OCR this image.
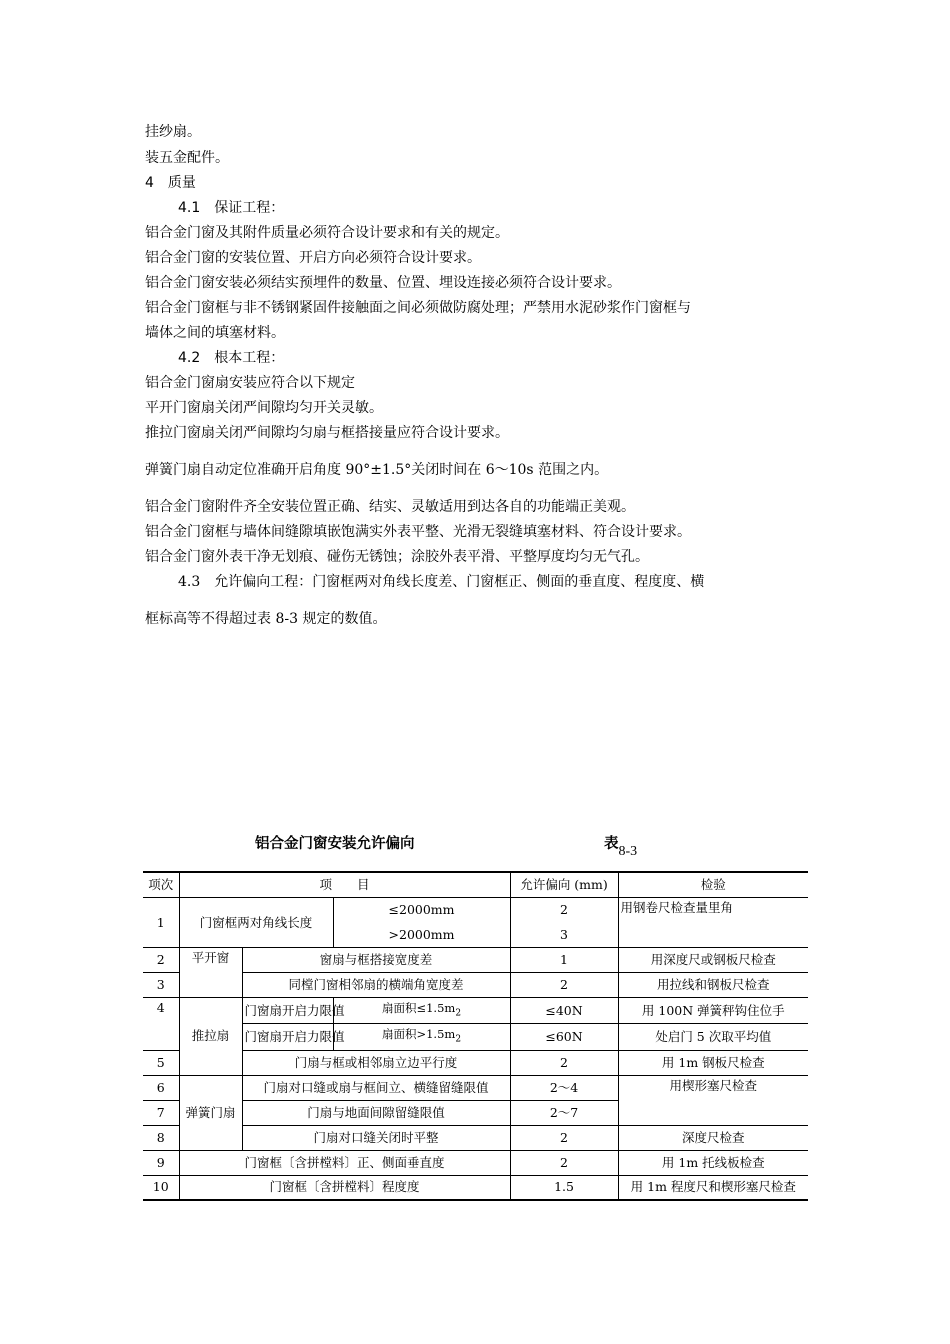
挂纱扇。
装五金配件。
4　质量
4.1　保证工程：
铝合金门窗及其附件质量必须符合设计要求和有关的规定。
铝合金门窗的安装位置、开启方向必须符合设计要求。
铝合金门窗安装必须结实预埋件的数量、位置、埋设连接必须符合设计要求。
铝合金门窗框与非不锈钢紧固件接触面之间必须做防腐处理；严禁用水泥砂浆作门窗框与
墙体之间的填塞材料。
4.2　根本工程：
铝合金门窗扇安装应符合以下规定
平开门窗扇关闭严间隙均匀开关灵敏。
推拉门窗扇关闭严间隙均匀扇与框搭接量应符合设计要求。
弹簧门扇自动定位准确开启角度 90°±1.5°关闭时间在 6～10s 范围之内。
铝合金门窗附件齐全安装位置正确、结实、灵敏适用到达各自的功能端正美观。
铝合金门窗框与墙体间缝隙填嵌饱满实外表平整、光滑无裂缝填塞材料、符合设计要求。
铝合金门窗外表干净无划痕、碰伤无锈蚀；涂胶外表平滑、平整厚度均匀无气孔。
4.3　允许偏向工程：门窗框两对角线长度差、门窗框正、侧面的垂直度、程度度、横
框标高等不得超过表 8-3 规定的数值。
铝合金门窗安装允许偏向	表8-3
项次	项　　目			允许偏向 (mm)	检验
1	门窗框两对角线长度		≤2000mm	2	用钢卷尺检查量里角
			>2000mm	3	
2	平开窗	窗扇与框搭接宽度差		1	用深度尺或钢板尺检查
3		同樘门窗相邻扇的横端角宽度差		2	用拉线和钢板尺检查
4	推拉扇	门窗扇开启力限值	扇面积$\le 1.5m_2$	≤40N	用 100N 弹簧秤钩住位手
		门窗扇开启力限值	扇面积$>1.5m_2$	≤60N	处启门 5 次取平均值
5		门扇与框或相邻扇立边平行度		2	用 1m 钢板尺检查
6	弹簧门扇	门扇对口缝或扇与框间立、横缝留缝限值		2～4	用楔形塞尺检查
7		门扇与地面间隙留缝限值		2～7	
8		门扇对口缝关闭时平整		2	深度尺检查
9	门窗框〔含拼樘料〕正、侧面垂直度			2	用 1m 托线板检查
10	门窗框〔含拼樘料〕程度度			1.5	用 1m 程度尺和楔形塞尺检查
